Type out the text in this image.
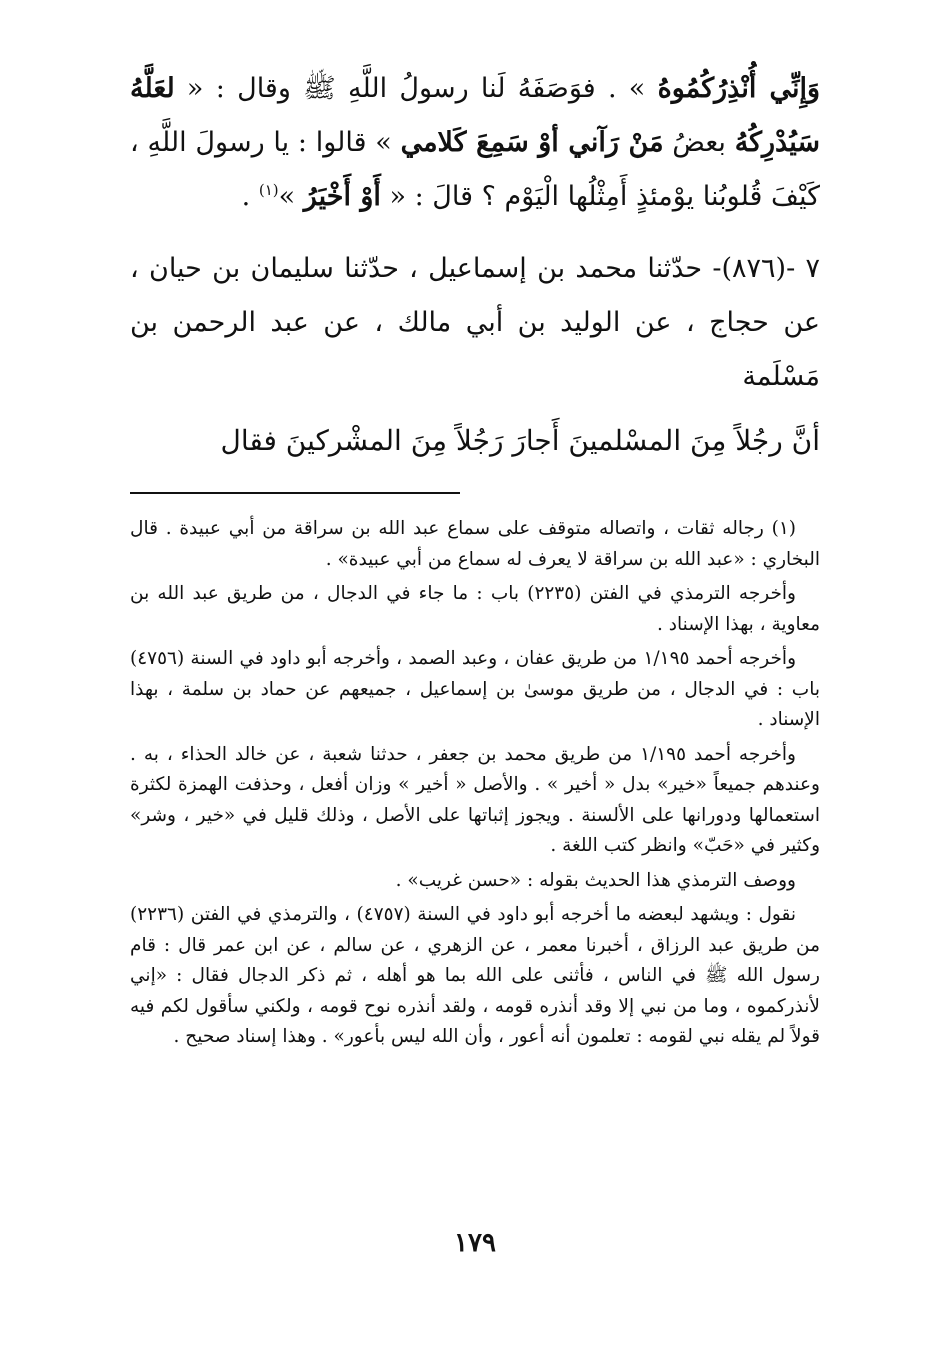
وَإِنِّي أُنْذِرُكُمُوهُ » . فوَصَفَهُ لَنا رسولُ اللَّهِ ﷺ وقال : « لعَلَّهُ سَيُدْرِكُهُ بعضُ مَنْ رَآني أوْ سَمِعَ كَلامي » قالوا : يا رسولَ اللَّهِ ، كَيْفَ قُلوبُنا يوْمئذٍ أَمِثْلُها الْيَوْم ؟ قالَ : « أَوْ أَخْيَرُ »$^{(١)}$ .

٧ -(٨٧٦)- حدّثنا محمد بن إسماعيل ، حدّثنا سليمان بن حيان ، عن حجاج ، عن الوليد بن أبي مالك ، عن عبد الرحمن بن مَسْلَمة

أنَّ رجُلاً مِنَ المسْلمينَ أَجارَ رَجُلاً مِنَ المشْركينَ فقال

(١) رجاله ثقات ، واتصاله متوقف على سماع عبد الله بن سراقة من أبي عبيدة . قال البخاري : «عبد الله بن سراقة لا يعرف له سماع من أبي عبيدة» .

وأخرجه الترمذي في الفتن (٢٢٣٥) باب : ما جاء في الدجال ، من طريق عبد الله بن معاوية ، بهذا الإسناد .

وأخرجه أحمد ١/١٩٥ من طريق عفان ، وعبد الصمد ، وأخرجه أبو داود في السنة (٤٧٥٦) باب : في الدجال ، من طريق موسىٰ بن إسماعيل ، جميعهم عن حماد بن سلمة ، بهذا الإسناد .

وأخرجه أحمد ١/١٩٥ من طريق محمد بن جعفر ، حدثنا شعبة ، عن خالد الحذاء ، به . وعندهم جميعاً «خير» بدل « أخير » . والأصل « أخير » وزان أفعل ، وحذفت الهمزة لكثرة استعمالها ودورانها على الألسنة . ويجوز إثباتها على الأصل ، وذلك قليل في «خير ، وشر» وكثير في «حَبّ» وانظر كتب اللغة .

ووصف الترمذي هذا الحديث بقوله : «حسن غريب» .

نقول : ويشهد لبعضه ما أخرجه أبو داود في السنة (٤٧٥٧) ، والترمذي في الفتن (٢٢٣٦) من طريق عبد الرزاق ، أخبرنا معمر ، عن الزهري ، عن سالم ، عن ابن عمر قال : قام رسول الله ﷺ في الناس ، فأثنى على الله بما هو أهله ، ثم ذكر الدجال فقال : «إني لأنذركموه ، وما من نبي إلا وقد أنذره قومه ، ولقد أنذره نوح قومه ، ولكني سأقول لكم فيه قولاً لم يقله نبي لقومه : تعلمون أنه أعور ، وأن الله ليس بأعور» . وهذا إسناد صحيح .

١٧٩
